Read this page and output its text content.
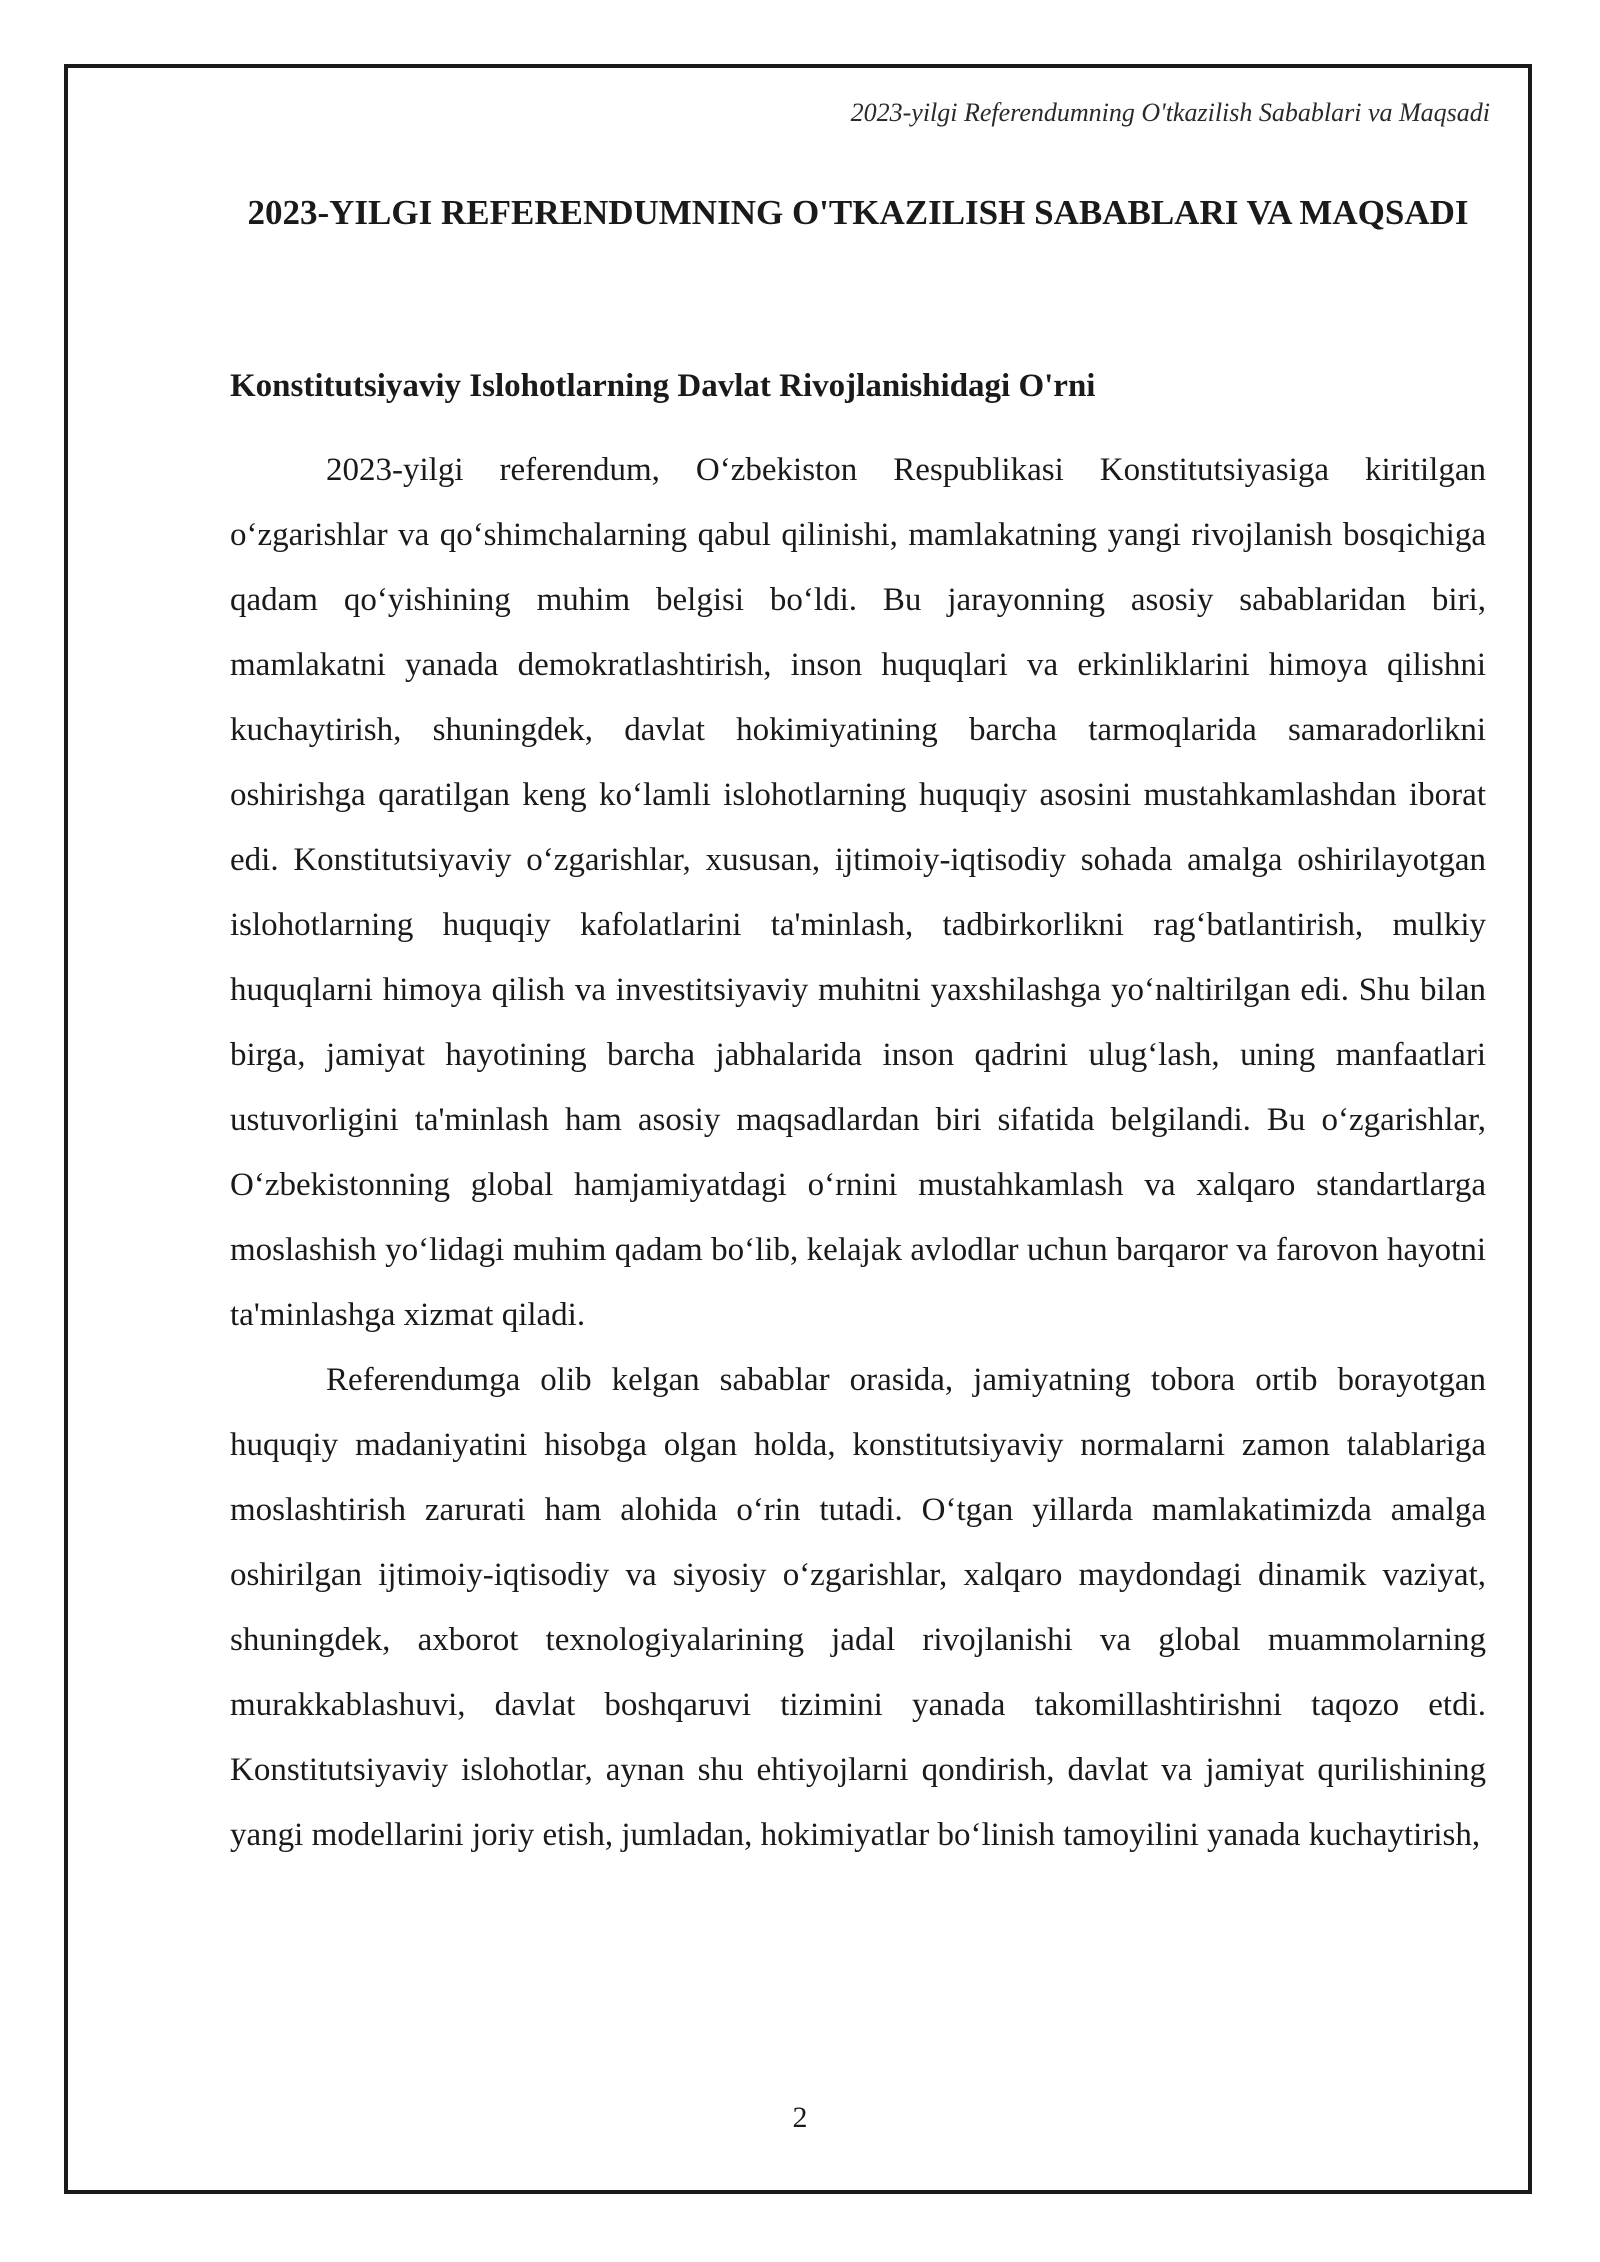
2023-yilgi Referendumning O'tkazilish Sabablari va Maqsadi
2023-YILGI REFERENDUMNING O'TKAZILISH SABABLARI VA MAQSADI
Konstitutsiyaviy Islohotlarning Davlat Rivojlanishidagi O'rni

2023-yilgi referendum, O‘zbekiston Respublikasi Konstitutsiyasiga kiritilgan o‘zgarishlar va qo‘shimchalarning qabul qilinishi, mamlakatning yangi rivojlanish bosqichiga qadam qo‘yishining muhim belgisi bo‘ldi. Bu jarayonning asosiy sabablaridan biri, mamlakatni yanada demokratlashtirish, inson huquqlari va erkinliklarini himoya qilishni kuchaytirish, shuningdek, davlat hokimiyatining barcha tarmoqlarida samaradorlikni oshirishga qaratilgan keng ko‘lamli islohotlarning huquqiy asosini mustahkamlashdan iborat edi. Konstitutsiyaviy o‘zgarishlar, xususan, ijtimoiy-iqtisodiy sohada amalga oshirilayotgan islohotlarning huquqiy kafolatlarini ta'minlash, tadbirkorlikni rag‘batlantirish, mulkiy huquqlarni himoya qilish va investitsiyaviy muhitni yaxshilashga yo‘naltirilgan edi. Shu bilan birga, jamiyat hayotining barcha jabhalarida inson qadrini ulug‘lash, uning manfaatlari ustuvorligini ta'minlash ham asosiy maqsadlardan biri sifatida belgilandi. Bu o‘zgarishlar, O‘zbekistonning global hamjamiyatdagi o‘rnini mustahkamlash va xalqaro standartlarga moslashish yo‘lidagi muhim qadam bo‘lib, kelajak avlodlar uchun barqaror va farovon hayotni ta'minlashga xizmat qiladi.

Referendumga olib kelgan sabablar orasida, jamiyatning tobora ortib borayotgan huquqiy madaniyatini hisobga olgan holda, konstitutsiyaviy normalarni zamon talablariga moslashtirish zarurati ham alohida o‘rin tutadi. O‘tgan yillarda mamlakatimizda amalga oshirilgan ijtimoiy-iqtisodiy va siyosiy o‘zgarishlar, xalqaro maydondagi dinamik vaziyat, shuningdek, axborot texnologiyalarining jadal rivojlanishi va global muammolarning murakkablashuvi, davlat boshqaruvi tizimini yanada takomillashtirishni taqozo etdi. Konstitutsiyaviy islohotlar, aynan shu ehtiyojlarni qondirish, davlat va jamiyat qurilishining yangi modellarini joriy etish, jumladan, hokimiyatlar bo‘linish tamoyilini yanada kuchaytirish,

2
